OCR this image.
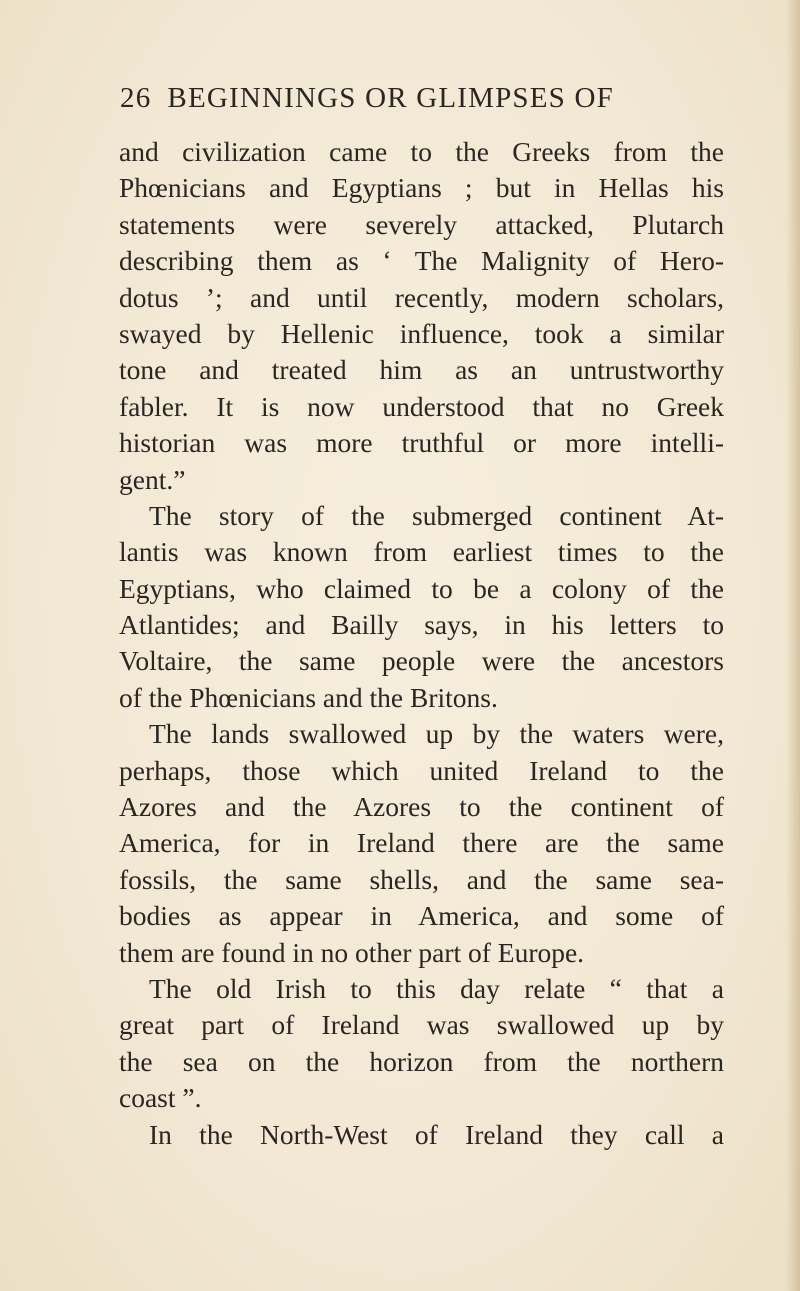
26 BEGINNINGS OR GLIMPSES OF
and civilization came to the Greeks from the
Phœnicians and Egyptians ; but in Hellas his
statements were severely attacked, Plutarch
describing them as ‘ The Malignity of Hero-
dotus ’; and until recently, modern scholars,
swayed by Hellenic influence, took a similar
tone and treated him as an untrustworthy
fabler. It is now understood that no Greek
historian was more truthful or more intelli-
gent.”
The story of the submerged continent At-
lantis was known from earliest times to the
Egyptians, who claimed to be a colony of the
Atlantides; and Bailly says, in his letters to
Voltaire, the same people were the ancestors
of the Phœnicians and the Britons.
The lands swallowed up by the waters were,
perhaps, those which united Ireland to the
Azores and the Azores to the continent of
America, for in Ireland there are the same
fossils, the same shells, and the same sea-
bodies as appear in America, and some of
them are found in no other part of Europe.
The old Irish to this day relate “ that a
great part of Ireland was swallowed up by
the sea on the horizon from the northern
coast ”.
In the North-West of Ireland they call a
